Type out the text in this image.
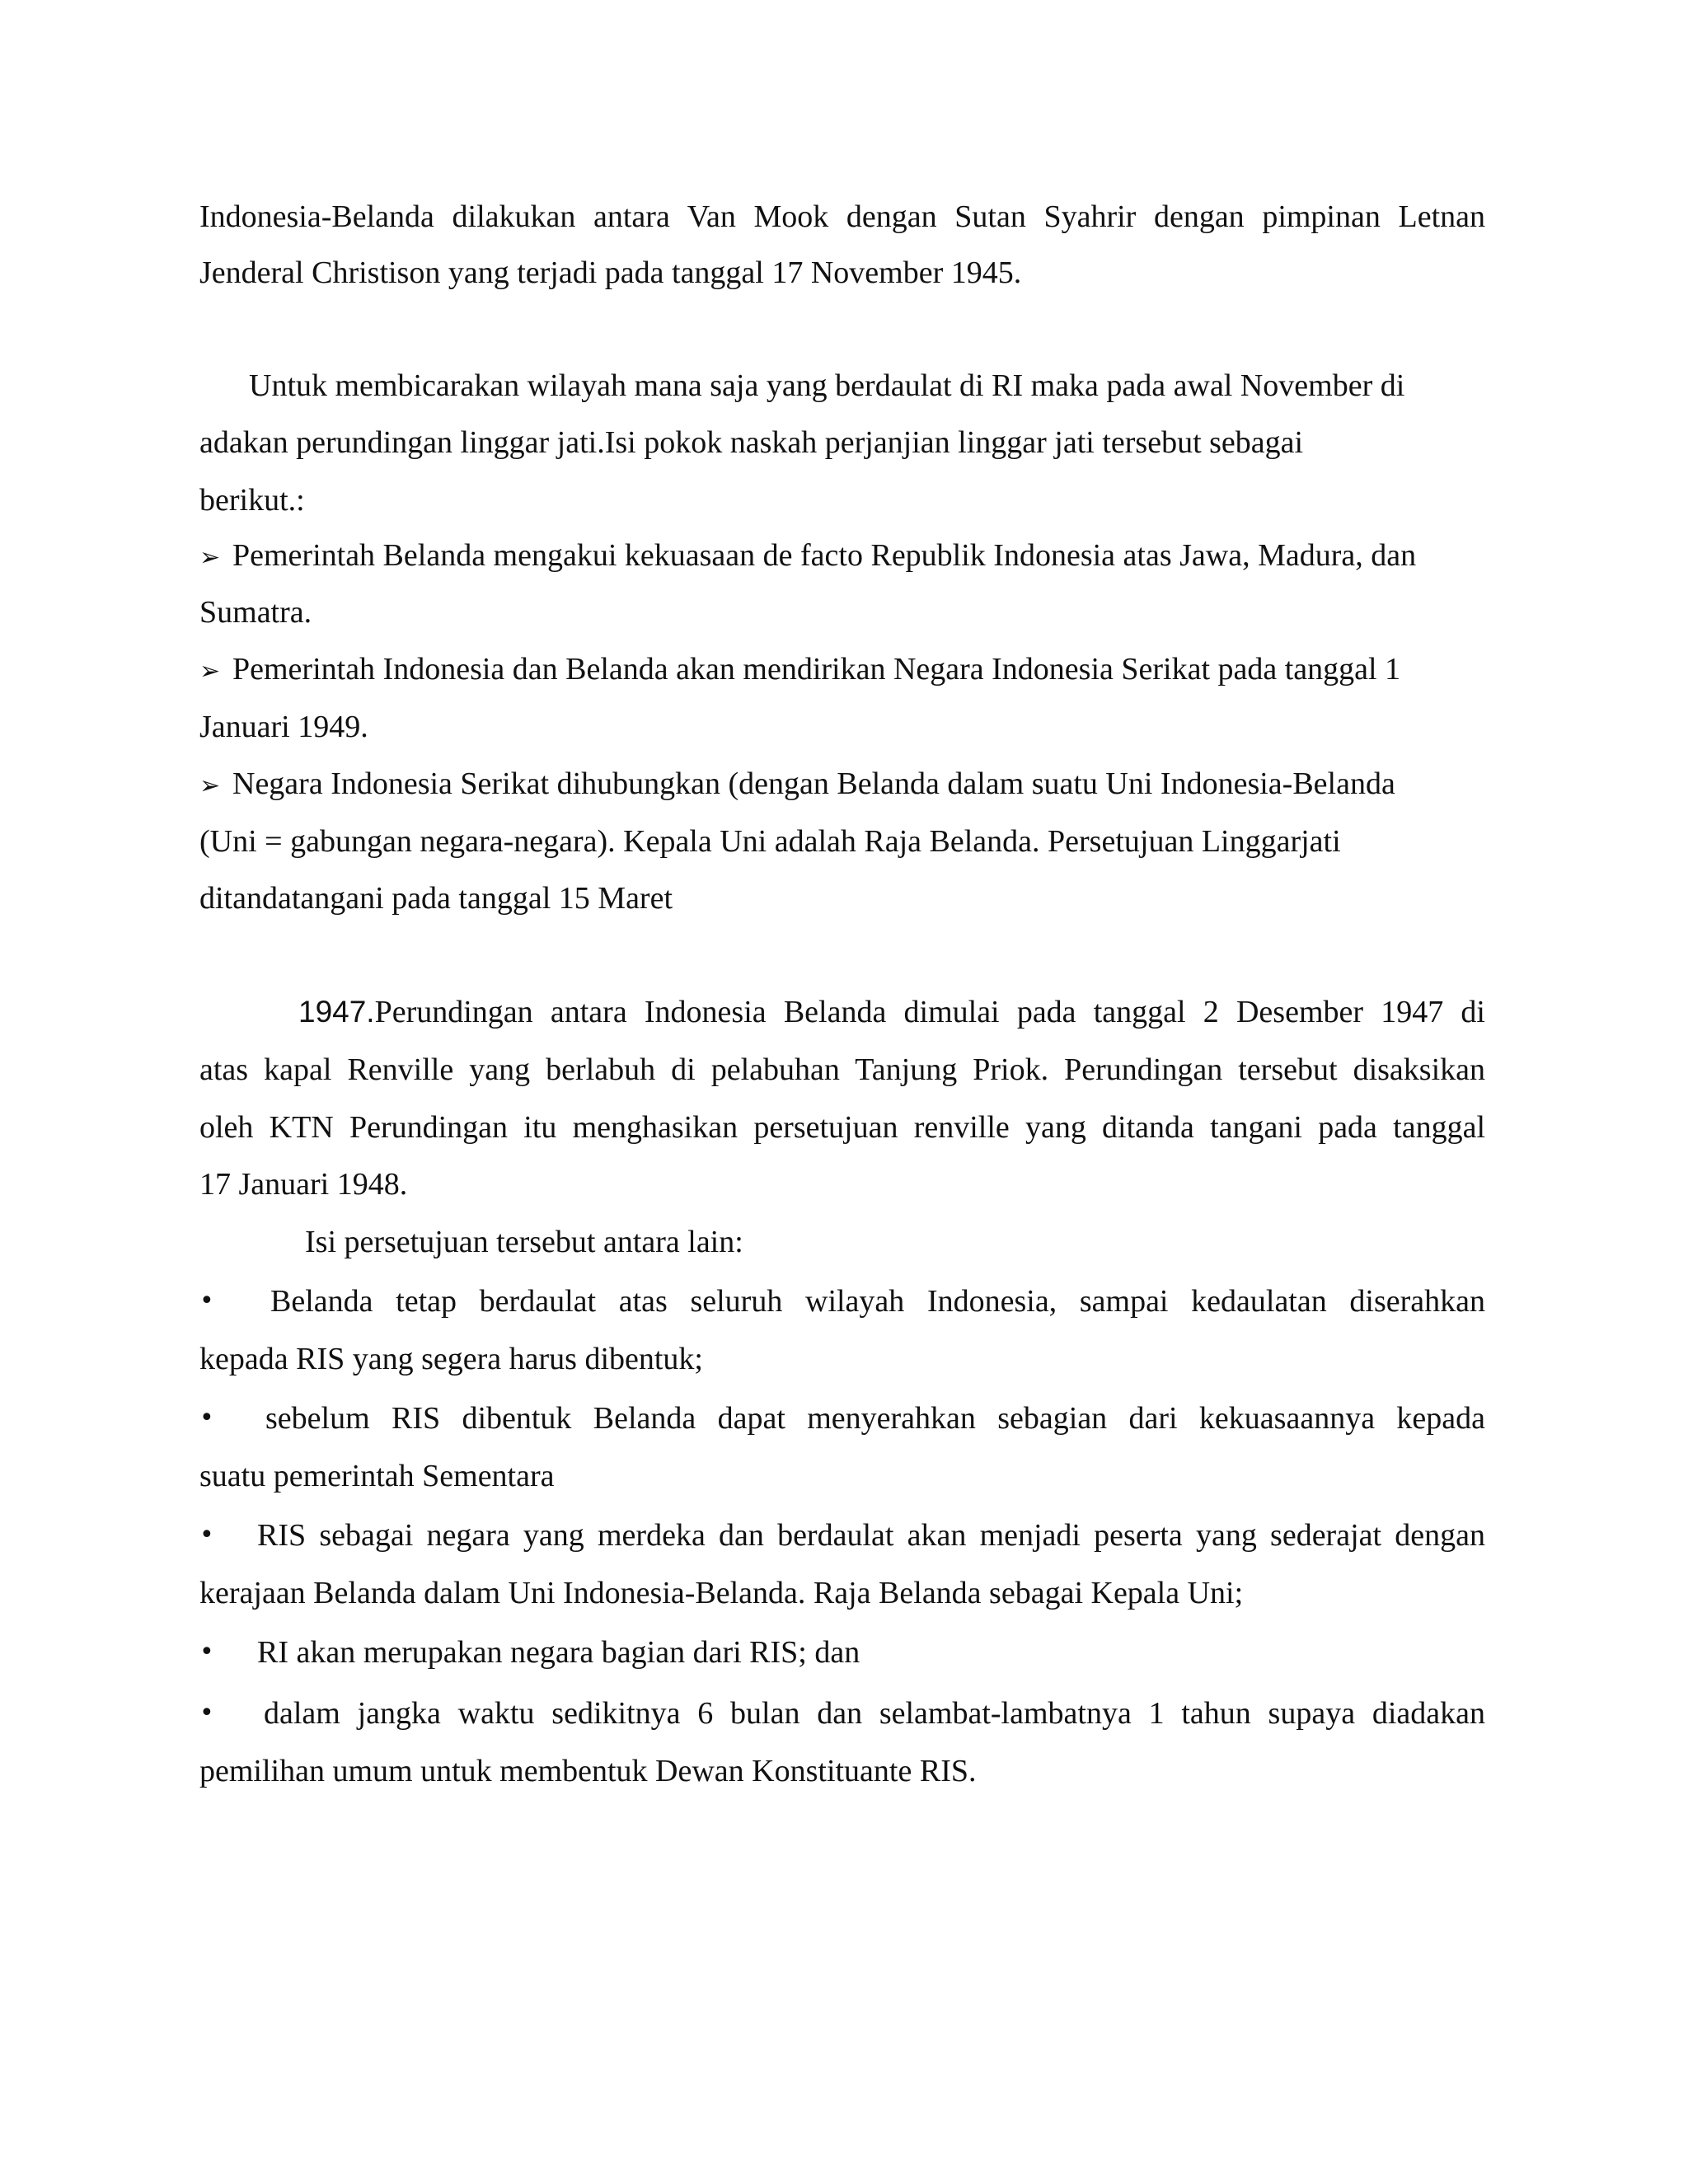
Indonesia-Belanda dilakukan antara Van Mook dengan Sutan Syahrir dengan pimpinan Letnan
Jenderal Christison yang terjadi pada tanggal 17 November 1945.
Untuk membicarakan wilayah mana saja yang berdaulat di RI maka pada awal November di
adakan perundingan linggar jati.Isi pokok naskah perjanjian linggar jati tersebut sebagai
berikut.:
➢ Pemerintah Belanda mengakui kekuasaan de facto Republik Indonesia atas Jawa, Madura, dan
Sumatra.
➢ Pemerintah Indonesia dan Belanda akan mendirikan Negara Indonesia Serikat pada tanggal 1
Januari 1949.
➢ Negara Indonesia Serikat dihubungkan (dengan Belanda dalam suatu Uni Indonesia-Belanda
(Uni = gabungan negara-negara). Kepala Uni adalah Raja Belanda. Persetujuan Linggarjati
ditandatangani pada tanggal 15 Maret
1947.Perundingan antara Indonesia Belanda dimulai pada tanggal 2 Desember 1947 di
atas kapal Renville yang berlabuh di pelabuhan Tanjung Priok. Perundingan tersebut disaksikan
oleh KTN Perundingan itu menghasikan persetujuan renville yang ditanda tangani pada tanggal
17 Januari 1948.
Isi persetujuan tersebut antara lain:
• Belanda tetap berdaulat atas seluruh wilayah Indonesia, sampai kedaulatan diserahkan
kepada RIS yang segera harus dibentuk;
• sebelum RIS dibentuk Belanda dapat menyerahkan sebagian dari kekuasaannya kepada
suatu pemerintah Sementara
• RIS sebagai negara yang merdeka dan berdaulat akan menjadi peserta yang sederajat dengan
kerajaan Belanda dalam Uni Indonesia-Belanda. Raja Belanda sebagai Kepala Uni;
• RI akan merupakan negara bagian dari RIS; dan
• dalam jangka waktu sedikitnya 6 bulan dan selambat-lambatnya 1 tahun supaya diadakan
pemilihan umum untuk membentuk Dewan Konstituante RIS.
